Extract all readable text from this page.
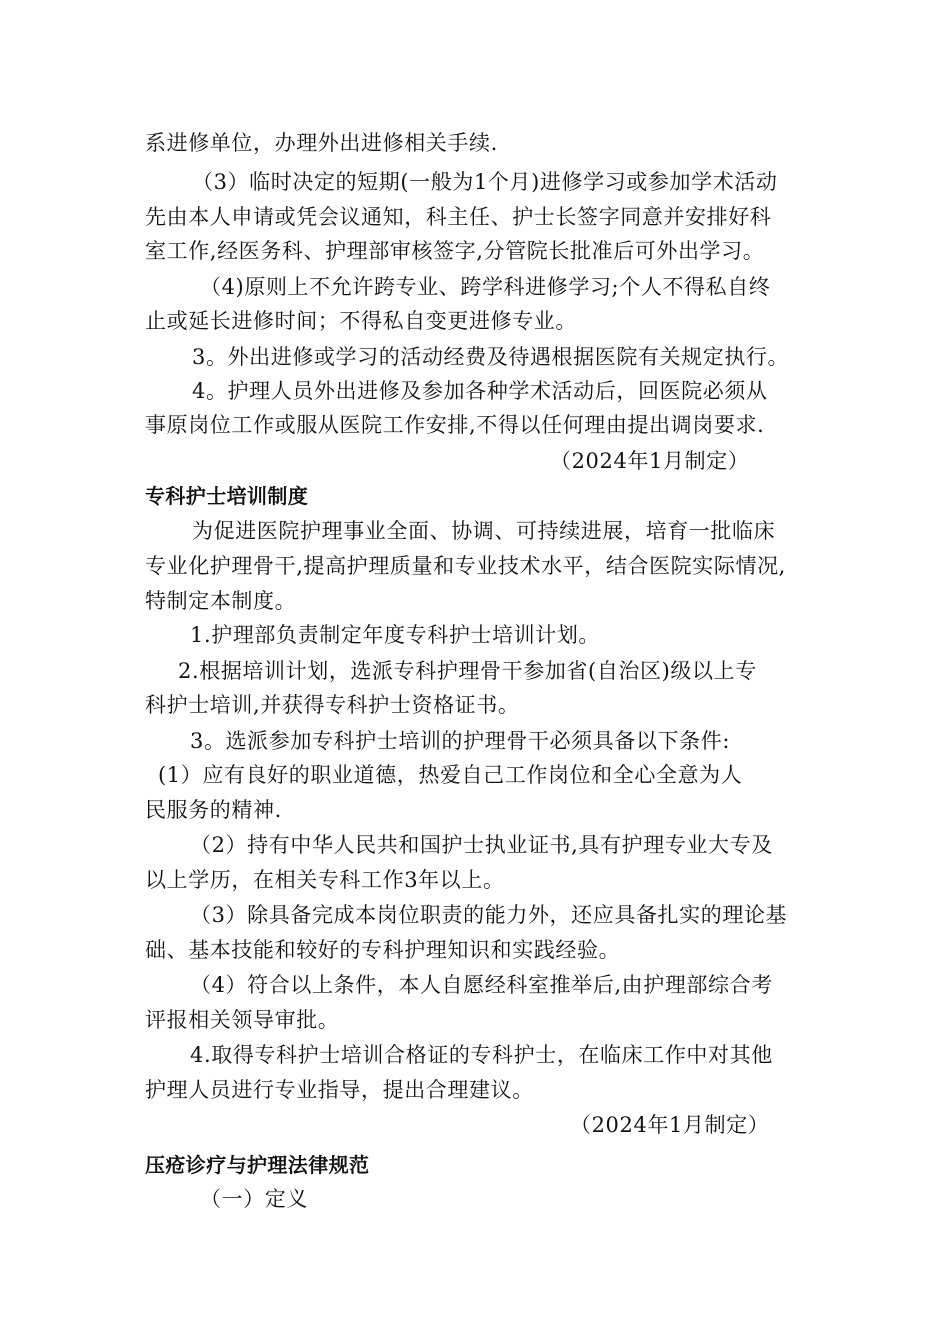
系进修单位，办理外出进修相关手续.
（3）临时决定的短期(一般为1个月)进修学习或参加学术活动
先由本人申请或凭会议通知，科主任、护士长签字同意并安排好科
室工作,经医务科、护理部审核签字,分管院长批准后可外出学习。
（4)原则上不允许跨专业、跨学科进修学习;个人不得私自终
止或延长进修时间；不得私自变更进修专业。
3。外出进修或学习的活动经费及待遇根据医院有关规定执行。
4。护理人员外出进修及参加各种学术活动后，回医院必须从
事原岗位工作或服从医院工作安排,不得以任何理由提出调岗要求.
（2024年1月制定）
专科护士培训制度
为促进医院护理事业全面、协调、可持续进展，培育一批临床
专业化护理骨干,提高护理质量和专业技术水平，结合医院实际情况,
特制定本制度。
1.护理部负责制定年度专科护士培训计划。
2.根据培训计划，选派专科护理骨干参加省(自治区)级以上专
科护士培训,并获得专科护士资格证书。
3。选派参加专科护士培训的护理骨干必须具备以下条件:
(1）应有良好的职业道德，热爱自己工作岗位和全心全意为人
民服务的精神.
（2）持有中华人民共和国护士执业证书,具有护理专业大专及
以上学历，在相关专科工作3年以上。
（3）除具备完成本岗位职责的能力外，还应具备扎实的理论基
础、基本技能和较好的专科护理知识和实践经验。
（4）符合以上条件，本人自愿经科室推举后,由护理部综合考
评报相关领导审批。
4.取得专科护士培训合格证的专科护士，在临床工作中对其他
护理人员进行专业指导，提出合理建议。
（2024年1月制定）
压疮诊疗与护理法律规范
（一）定义
